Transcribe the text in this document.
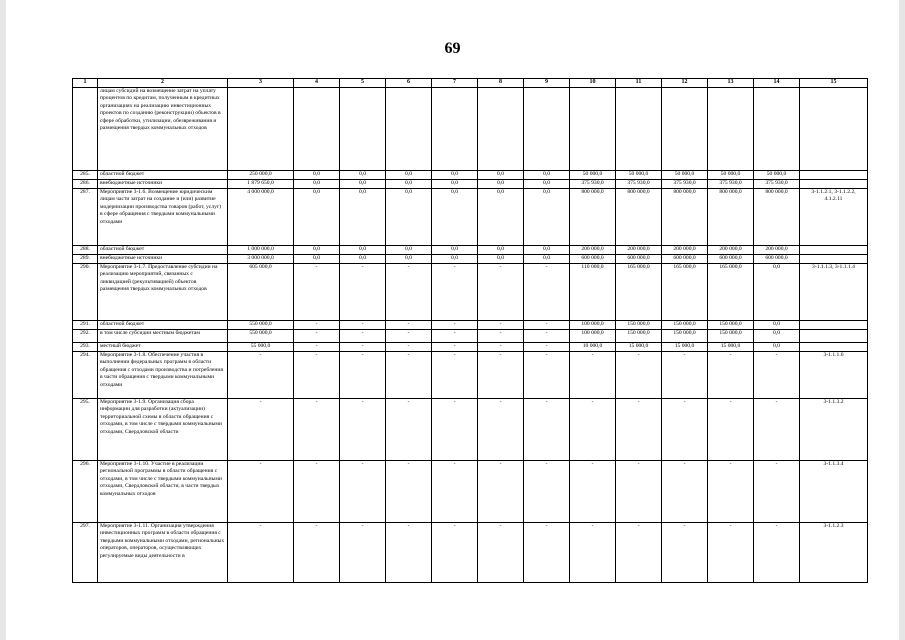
69
1	2	3	4	5	6	7	8	9	10	11	12	13	14	15
	лицам субсидий на возмещение затрат на уплату процентов по кредитам, полученным в кредитных организациях на реализацию инвестиционных проектов по созданию (реконструкции) объектов в сфере обработки, утилизации, обезвреживания и размещения твердых коммунальных отходов													
285.	областной бюджет	250 000,0	0,0	0,0	0,0	0,0	0,0	0,0	50 000,0	50 000,0	50 000,0	50 000,0	50 000,0	
286.	внебюджетные источники	1 879 650,0	0,0	0,0	0,0	0,0	0,0	0,0	375 930,0	375 930,0	375 930,0	375 930,0	375 930,0	
287.	Мероприятие 3-1.6. Возмещение юридическим лицам части затрат на создание и (или) развитие модернизации производства товаров (работ, услуг) в сфере обращения с твердыми коммунальными отходами	4 000 000,0	0,0	0,0	0,0	0,0	0,0	0,0	800 000,0	800 000,0	800 000,0	800 000,0	800 000,0	3-1.1.2.1, 3-1.1.2.2, 4.1.2.11
288.	областной бюджет	1 000 000,0	0,0	0,0	0,0	0,0	0,0	0,0	200 000,0	200 000,0	200 000,0	200 000,0	200 000,0	
289.	внебюджетные источники	3 000 000,0	0,0	0,0	0,0	0,0	0,0	0,0	600 000,0	600 000,0	600 000,0	600 000,0	600 000,0	
290.	Мероприятие 3-1.7. Предоставление субсидии на реализацию мероприятий, связанных с ликвидацией (рекультивацией) объектов размещения твердых коммунальных отходов	605 000,0	-	-	-	-	-	-	110 000,0	165 000,0	165 000,0	165 000,0	0,0	3-1.1.1.3, 3-1.1.1.4
291.	областной бюджет	550 000,0	-	-	-	-	-	-	100 000,0	150 000,0	150 000,0	150 000,0	0,0	
292.	в том числе субсидии местным бюджетам	550 000,0	-	-	-	-	-	-	100 000,0	150 000,0	150 000,0	150 000,0	0,0	
293.	местный бюджет	55 000,0	-	-	-	-	-	-	10 000,0	15 000,0	15 000,0	15 000,0	0,0	
294.	Мероприятие 3-1.8. Обеспечение участия в выполнении федеральных программ в области обращения с отходами производства и потребления в части обращения с твердыми коммунальными отходами	-	-	-	-	-	-	-	-	-	-	-	-	3-1.1.1.6
295.	Мероприятие 3-1.9. Организация сбора информации для разработки (актуализации) территориальной схемы в области обращения с отходами, в том числе с твердыми коммунальными отходами, Свердловской области	-	-	-	-	-	-	-	-	-	-	-	-	3-1.1.3.2
296.	Мероприятие 3-1.10. Участие в реализации региональной программы в области обращения с отходами, в том числе с твердыми коммунальными отходами, Свердловской области, в части твердых коммунальных отходов	-	-	-	-	-	-	-	-	-	-	-	-	3-1.1.3.4
297.	Мероприятие 3-1.11. Организация утверждения инвестиционных программ в области обращения с твердыми коммунальными отходами, региональных операторов, операторов, осуществляющих регулируемые виды деятельности в	-	-	-	-	-	-	-	-	-	-	-	-	3-1.1.2.3
